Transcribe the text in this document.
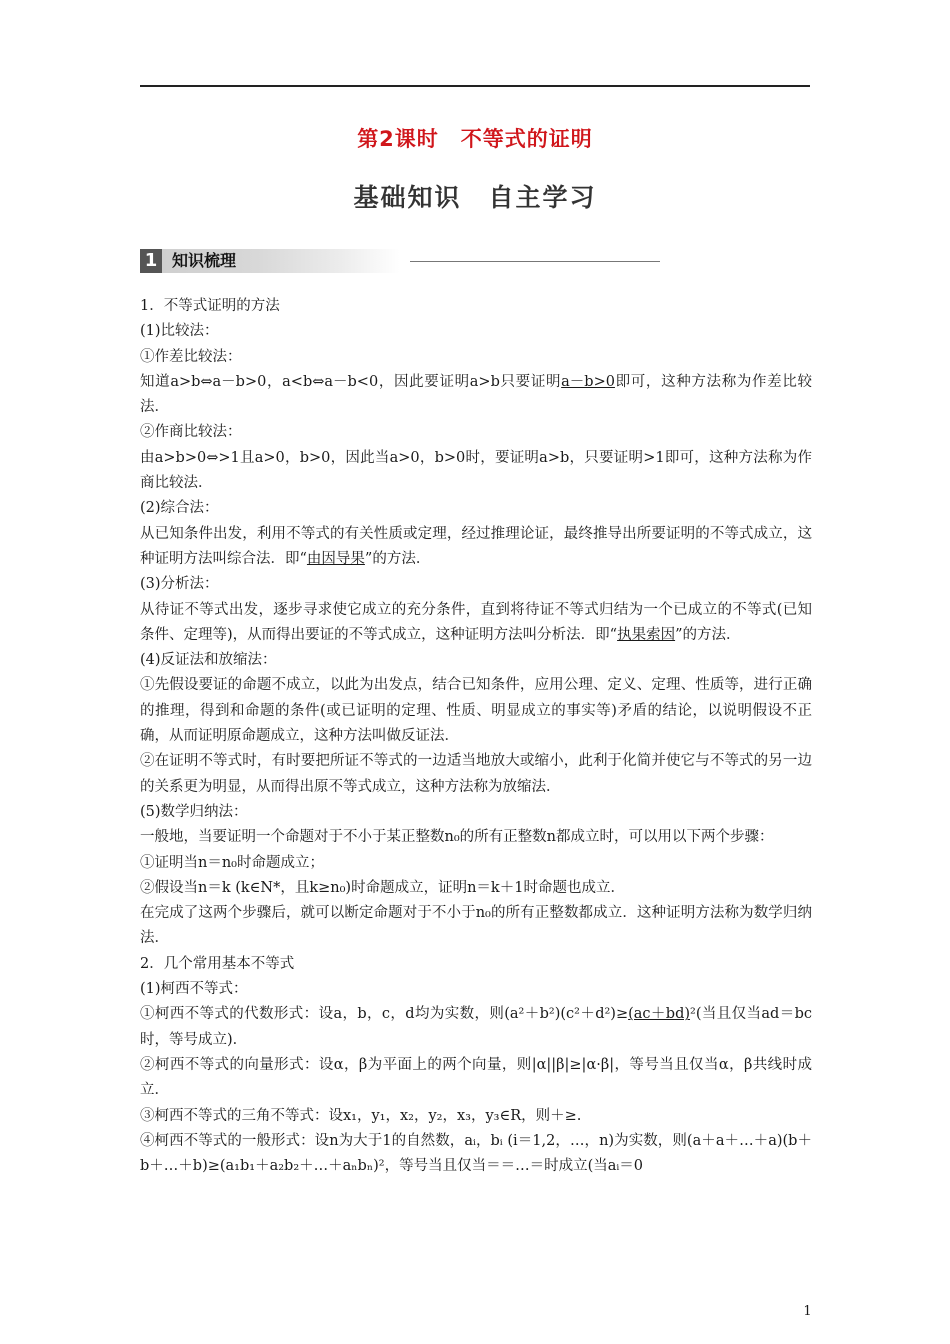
第2课时　不等式的证明
基础知识　自主学习
1 知识梳理

1．不等式证明的方法

(1)比较法：

①作差比较法：

知道a>b⇔a－b>0，a<b⇔a－b<0，因此要证明a>b只要证明a－b>0即可，这种方法称为作差比较法．

②作商比较法：

由a>b>0⇔>1且a>0，b>0，因此当a>0，b>0时，要证明a>b，只要证明>1即可，这种方法称为作商比较法．

(2)综合法：

从已知条件出发，利用不等式的有关性质或定理，经过推理论证，最终推导出所要证明的不等式成立，这种证明方法叫综合法．即“由因导果”的方法．

(3)分析法：

从待证不等式出发，逐步寻求使它成立的充分条件，直到将待证不等式归结为一个已成立的不等式(已知条件、定理等)，从而得出要证的不等式成立，这种证明方法叫分析法．即“执果索因”的方法．

(4)反证法和放缩法：

①先假设要证的命题不成立，以此为出发点，结合已知条件，应用公理、定义、定理、性质等，进行正确的推理，得到和命题的条件(或已证明的定理、性质、明显成立的事实等)矛盾的结论，以说明假设不正确，从而证明原命题成立，这种方法叫做反证法．

②在证明不等式时，有时要把所证不等式的一边适当地放大或缩小，此利于化简并使它与不等式的另一边的关系更为明显，从而得出原不等式成立，这种方法称为放缩法．

(5)数学归纳法：

一般地，当要证明一个命题对于不小于某正整数n₀的所有正整数n都成立时，可以用以下两个步骤：

①证明当n＝n₀时命题成立；

②假设当n＝k (k∈N*，且k≥n₀)时命题成立，证明n＝k＋1时命题也成立．

在完成了这两个步骤后，就可以断定命题对于不小于n₀的所有正整数都成立．这种证明方法称为数学归纳法．

2．几个常用基本不等式

(1)柯西不等式：

①柯西不等式的代数形式：设a，b，c，d均为实数，则(a²＋b²)(c²＋d²)≥(ac＋bd)²(当且仅当ad＝bc时，等号成立)．

②柯西不等式的向量形式：设α，β为平面上的两个向量，则|α||β|≥|α·β|，等号当且仅当α，β共线时成立．

③柯西不等式的三角不等式：设x₁，y₁，x₂，y₂，x₃，y₃∈R，则＋≥.

④柯西不等式的一般形式：设n为大于1的自然数，aᵢ，bᵢ (i＝1,2，…，n)为实数，则(a＋a＋…＋a)(b＋b＋…＋b)≥(a₁b₁＋a₂b₂＋…＋aₙbₙ)²，等号当且仅当＝＝…＝时成立(当aᵢ＝0

1
